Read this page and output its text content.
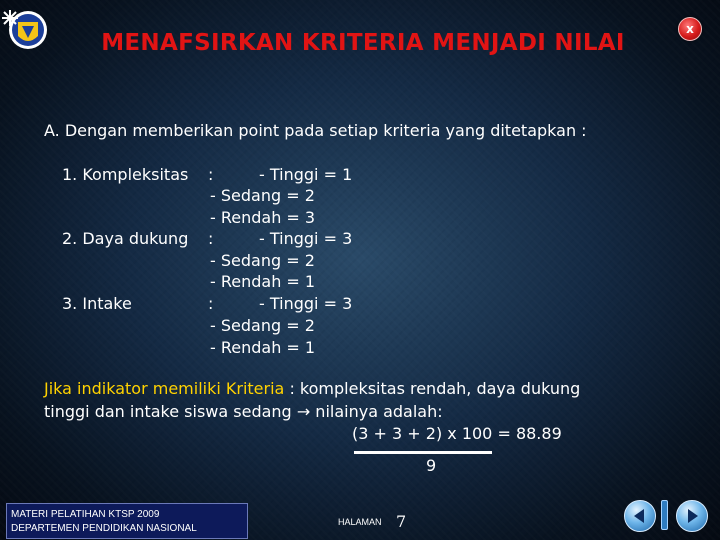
MENAFSIRKAN KRITERIA MENJADI NILAI
x
A. Dengan memberikan point pada setiap kriteria yang ditetapkan :
1. Kompleksitas :	- Tinggi = 1
- Sedang = 2
- Rendah = 3
2. Daya dukung :	- Tinggi = 3
- Sedang = 2
- Rendah = 1
3. Intake	:	- Tinggi = 3
- Sedang = 2
- Rendah = 1
Jika indikator memiliki Kriteria : kompleksitas rendah, daya dukung
tinggi dan intake siswa sedang → nilainya adalah:
(3 + 3 + 2) x 100 = 88.89
9
MATERI PELATIHAN KTSP 2009
DEPARTEMEN PENDIDIKAN NASIONAL
HALAMAN 7
